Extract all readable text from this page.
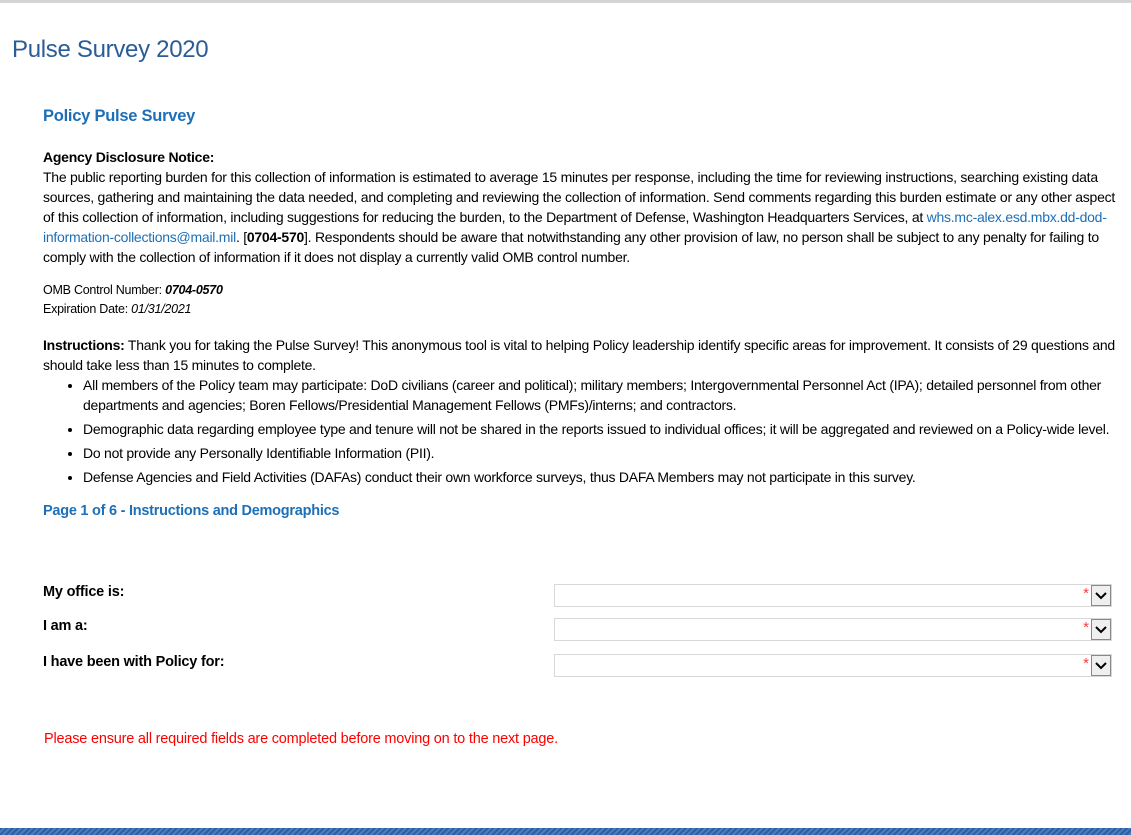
Pulse Survey 2020
Policy Pulse Survey
Agency Disclosure Notice:
The public reporting burden for this collection of information is estimated to average 15 minutes per response, including the time for reviewing instructions, searching existing data sources, gathering and maintaining the data needed, and completing and reviewing the collection of information. Send comments regarding this burden estimate or any other aspect of this collection of information, including suggestions for reducing the burden, to the Department of Defense, Washington Headquarters Services, at whs.mc-alex.esd.mbx.dd-dod-information-collections@mail.mil. [0704-570]. Respondents should be aware that notwithstanding any other provision of law, no person shall be subject to any penalty for failing to comply with the collection of information if it does not display a currently valid OMB control number.
OMB Control Number: 0704-0570
Expiration Date: 01/31/2021
Instructions: Thank you for taking the Pulse Survey! This anonymous tool is vital to helping Policy leadership identify specific areas for improvement. It consists of 29 questions and should take less than 15 minutes to complete.
• All members of the Policy team may participate: DoD civilians (career and political); military members; Intergovernmental Personnel Act (IPA); detailed personnel from other departments and agencies; Boren Fellows/Presidential Management Fellows (PMFs)/interns; and contractors.
• Demographic data regarding employee type and tenure will not be shared in the reports issued to individual offices; it will be aggregated and reviewed on a Policy-wide level.
• Do not provide any Personally Identifiable Information (PII).
• Defense Agencies and Field Activities (DAFAs) conduct their own workforce surveys, thus DAFA Members may not participate in this survey.
Page 1 of 6 - Instructions and Demographics
My office is:	*
I am a:	*
I have been with Policy for:	*
Please ensure all required fields are completed before moving on to the next page.
